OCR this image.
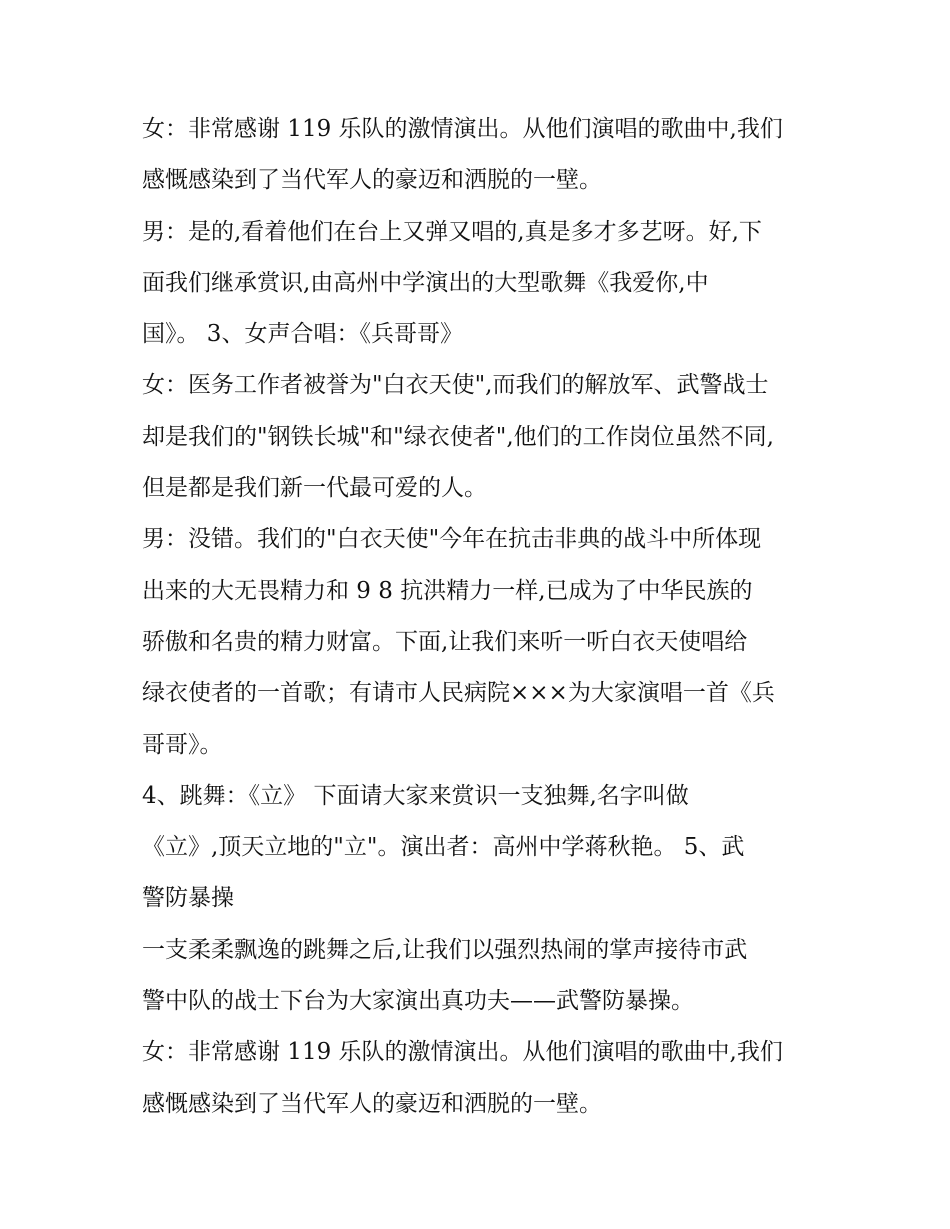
女：非常感谢 119 乐队的激情演出。从他们演唱的歌曲中,我们
感慨感染到了当代军人的豪迈和洒脱的一壁。
男：是的,看着他们在台上又弹又唱的,真是多才多艺呀。好,下
面我们继承赏识,由高州中学演出的大型歌舞《我爱你,中
国》。 3、女声合唱：《兵哥哥》
女：医务工作者被誉为"白衣天使",而我们的解放军、武警战士
却是我们的"钢铁长城"和"绿衣使者",他们的工作岗位虽然不同,
但是都是我们新一代最可爱的人。
男：没错。我们的"白衣天使"今年在抗击非典的战斗中所体现
出来的大无畏精力和 9 8 抗洪精力一样,已成为了中华民族的
骄傲和名贵的精力财富。下面,让我们来听一听白衣天使唱给
绿衣使者的一首歌；有请市人民病院×××为大家演唱一首《兵
哥哥》。
4、跳舞：《立》 下面请大家来赏识一支独舞,名字叫做
《立》,顶天立地的"立"。演出者：高州中学蒋秋艳。 5、武
警防暴操
一支柔柔飘逸的跳舞之后,让我们以强烈热闹的掌声接待市武
警中队的战士下台为大家演出真功夫——武警防暴操。
女：非常感谢 119 乐队的激情演出。从他们演唱的歌曲中,我们
感慨感染到了当代军人的豪迈和洒脱的一壁。
